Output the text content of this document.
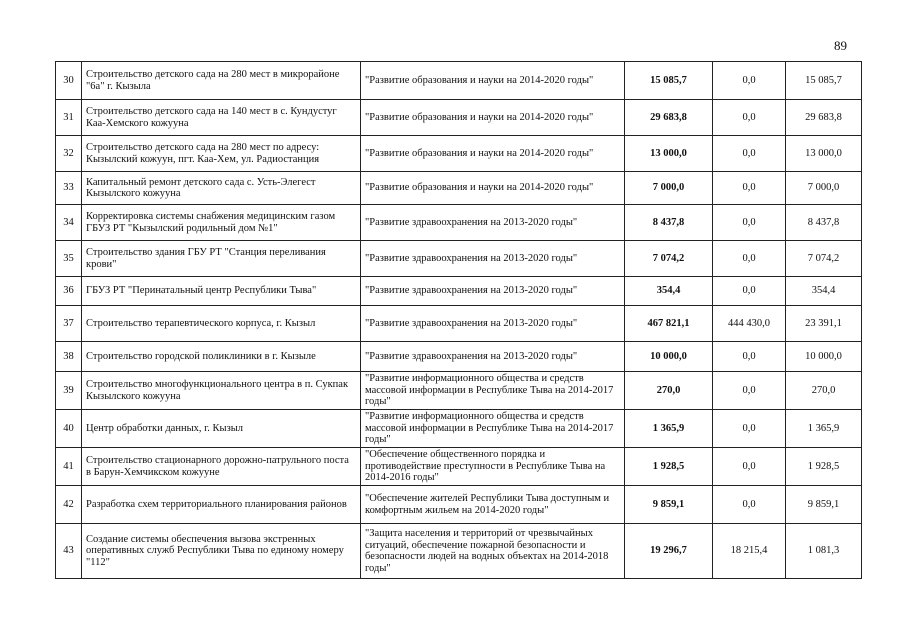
89
30	Строительство детского сада на 280 мест в микрорайоне "6а" г. Кызыла	"Развитие образования и науки на 2014-2020 годы"	15 085,7	0,0	15 085,7
31	Строительство детского сада на 140 мест в с. Кундустуг Каа-Хемского кожууна	"Развитие образования и науки на 2014-2020 годы"	29 683,8	0,0	29 683,8
32	Строительство детского сада на 280 мест по адресу: Кызылский кожуун, пгт. Каа-Хем, ул. Радиостанция	"Развитие образования и науки на 2014-2020 годы"	13 000,0	0,0	13 000,0
33	Капитальный ремонт детского сада с. Усть-Элегест Кызылского кожууна	"Развитие образования и науки на 2014-2020 годы"	7 000,0	0,0	7 000,0
34	Корректировка системы снабжения медицинским газом ГБУЗ РТ "Кызылский родильный дом №1"	"Развитие здравоохранения на 2013-2020 годы"	8 437,8	0,0	8 437,8
35	Строительство здания ГБУ РТ "Станция переливания крови"	"Развитие здравоохранения на 2013-2020 годы"	7 074,2	0,0	7 074,2
36	ГБУЗ РТ "Перинатальный центр Республики Тыва"	"Развитие здравоохранения на 2013-2020 годы"	354,4	0,0	354,4
37	Строительство терапевтического корпуса, г. Кызыл	"Развитие здравоохранения на 2013-2020 годы"	467 821,1	444 430,0	23 391,1
38	Строительство городской поликлиники в г. Кызыле	"Развитие здравоохранения на 2013-2020 годы"	10 000,0	0,0	10 000,0
39	Строительство многофункционального центра в п. Сукпак Кызылского кожууна	"Развитие информационного общества и средств массовой информации в Республике Тыва на 2014-2017 годы"	270,0	0,0	270,0
40	Центр обработки данных, г. Кызыл	"Развитие информационного общества и средств массовой информации в Республике Тыва на 2014-2017 годы"	1 365,9	0,0	1 365,9
41	Строительство стационарного дорожно-патрульного поста в Барун-Хемчикском кожууне	"Обеспечение общественного порядка и противодействие преступности в Республике Тыва на 2014-2016 годы"	1 928,5	0,0	1 928,5
42	Разработка схем территориального планирования районов	"Обеспечение жителей Республики Тыва доступным и комфортным жильем на 2014-2020 годы"	9 859,1	0,0	9 859,1
43	Создание системы обеспечения вызова экстренных оперативных служб Республики Тыва по единому номеру "112"	"Защита населения и территорий от чрезвычайных ситуаций, обеспечение пожарной безопасности и безопасности людей на водных объектах на 2014-2018 годы"	19 296,7	18 215,4	1 081,3
